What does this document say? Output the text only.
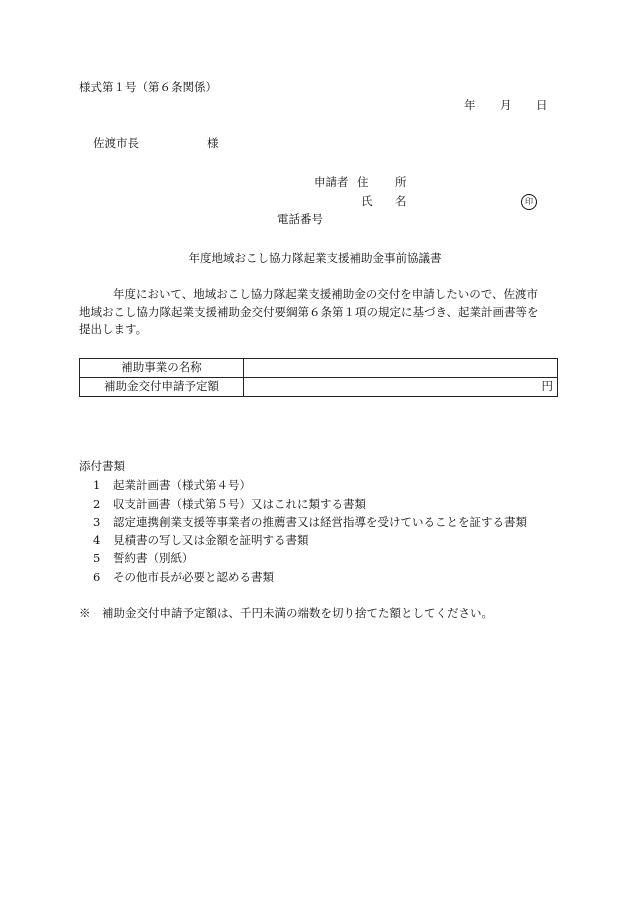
様式第１号（第６条関係）
年 月 日
佐渡市長	様
申請者 住 所
氏 名	印
電話番号
年度地域おこし協力隊起業支援補助金事前協議書
年度において、地域おこし協力隊起業支援補助金の交付を申請したいので、佐渡市
地域おこし協力隊起業支援補助金交付要綱第６条第１項の規定に基づき、起業計画書等を
提出します。
補助事業の名称	
補助金交付申請予定額	円
添付書類
1 起業計画書（様式第４号）
2 収支計画書（様式第５号）又はこれに類する書類
3 認定連携創業支援等事業者の推薦書又は経営指導を受けていることを証する書類
4 見積書の写し又は金額を証明する書類
5 誓約書（別紙）
6 その他市長が必要と認める書類
※　補助金交付申請予定額は、千円未満の端数を切り捨てた額としてください。
